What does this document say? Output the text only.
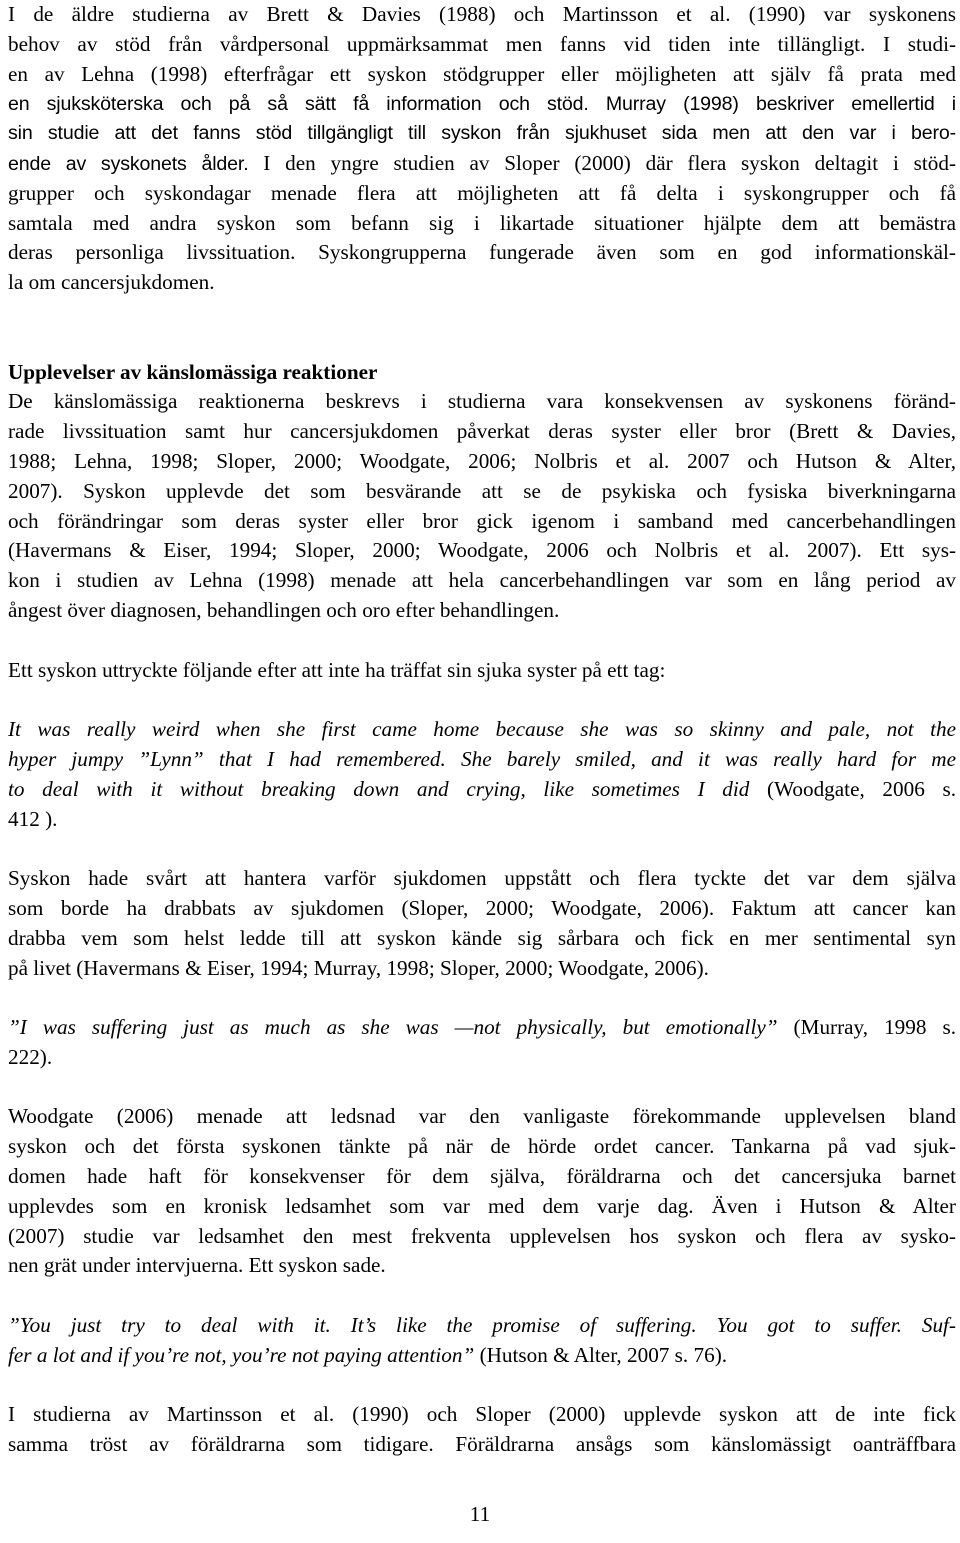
I de äldre studierna av Brett & Davies (1988) och Martinsson et al. (1990) var syskonens
behov av stöd från vårdpersonal uppmärksammat men fanns vid tiden inte tillängligt. I studi-
en av Lehna (1998) efterfrågar ett syskon stödgrupper eller möjligheten att själv få prata med
en sjuksköterska och på så sätt få information och stöd. Murray (1998) beskriver emellertid i
sin studie att det fanns stöd tillgängligt till syskon från sjukhuset sida men att den var i bero-
ende av syskonets ålder. I den yngre studien av Sloper (2000) där flera syskon deltagit i stöd-
grupper och syskondagar menade flera att möjligheten att få delta i syskongrupper och få
samtala med andra syskon som befann sig i likartade situationer hjälpte dem att bemästra
deras personliga livssituation. Syskongrupperna fungerade även som en god informationskäl-
la om cancersjukdomen.
Upplevelser av känslomässiga reaktioner
De känslomässiga reaktionerna beskrevs i studierna vara konsekvensen av syskonens föränd-
rade livssituation samt hur cancersjukdomen påverkat deras syster eller bror (Brett & Davies,
1988; Lehna, 1998; Sloper, 2000; Woodgate, 2006; Nolbris et al. 2007 och Hutson & Alter,
2007). Syskon upplevde det som besvärande att se de psykiska och fysiska biverkningarna
och förändringar som deras syster eller bror gick igenom i samband med cancerbehandlingen
(Havermans & Eiser, 1994; Sloper, 2000; Woodgate, 2006 och Nolbris et al. 2007). Ett sys-
kon i studien av Lehna (1998) menade att hela cancerbehandlingen var som en lång period av
ångest över diagnosen, behandlingen och oro efter behandlingen.
Ett syskon uttryckte följande efter att inte ha träffat sin sjuka syster på ett tag:
It was really weird when she first came home because she was so skinny and pale, not the
hyper jumpy ”Lynn” that I had remembered. She barely smiled, and it was really hard for me
to deal with it without breaking down and crying, like sometimes I did (Woodgate, 2006 s.
412 ).
Syskon hade svårt att hantera varför sjukdomen uppstått och flera tyckte det var dem själva
som borde ha drabbats av sjukdomen (Sloper, 2000; Woodgate, 2006). Faktum att cancer kan
drabba vem som helst ledde till att syskon kände sig sårbara och fick en mer sentimental syn
på livet (Havermans & Eiser, 1994; Murray, 1998; Sloper, 2000; Woodgate, 2006).
”I was suffering just as much as she was —not physically, but emotionally” (Murray, 1998 s.
222).
Woodgate (2006) menade att ledsnad var den vanligaste förekommande upplevelsen bland
syskon och det första syskonen tänkte på när de hörde ordet cancer. Tankarna på vad sjuk-
domen hade haft för konsekvenser för dem själva, föräldrarna och det cancersjuka barnet
upplevdes som en kronisk ledsamhet som var med dem varje dag. Även i Hutson & Alter
(2007) studie var ledsamhet den mest frekventa upplevelsen hos syskon och flera av sysko-
nen grät under intervjuerna. Ett syskon sade.
”You just try to deal with it. It’s like the promise of suffering. You got to suffer. Suf-
fer a lot and if you’re not, you’re not paying attention” (Hutson & Alter, 2007 s. 76).
I studierna av Martinsson et al. (1990) och Sloper (2000) upplevde syskon att de inte fick
samma tröst av föräldrarna som tidigare. Föräldrarna ansågs som känslomässigt oanträffbara
11
